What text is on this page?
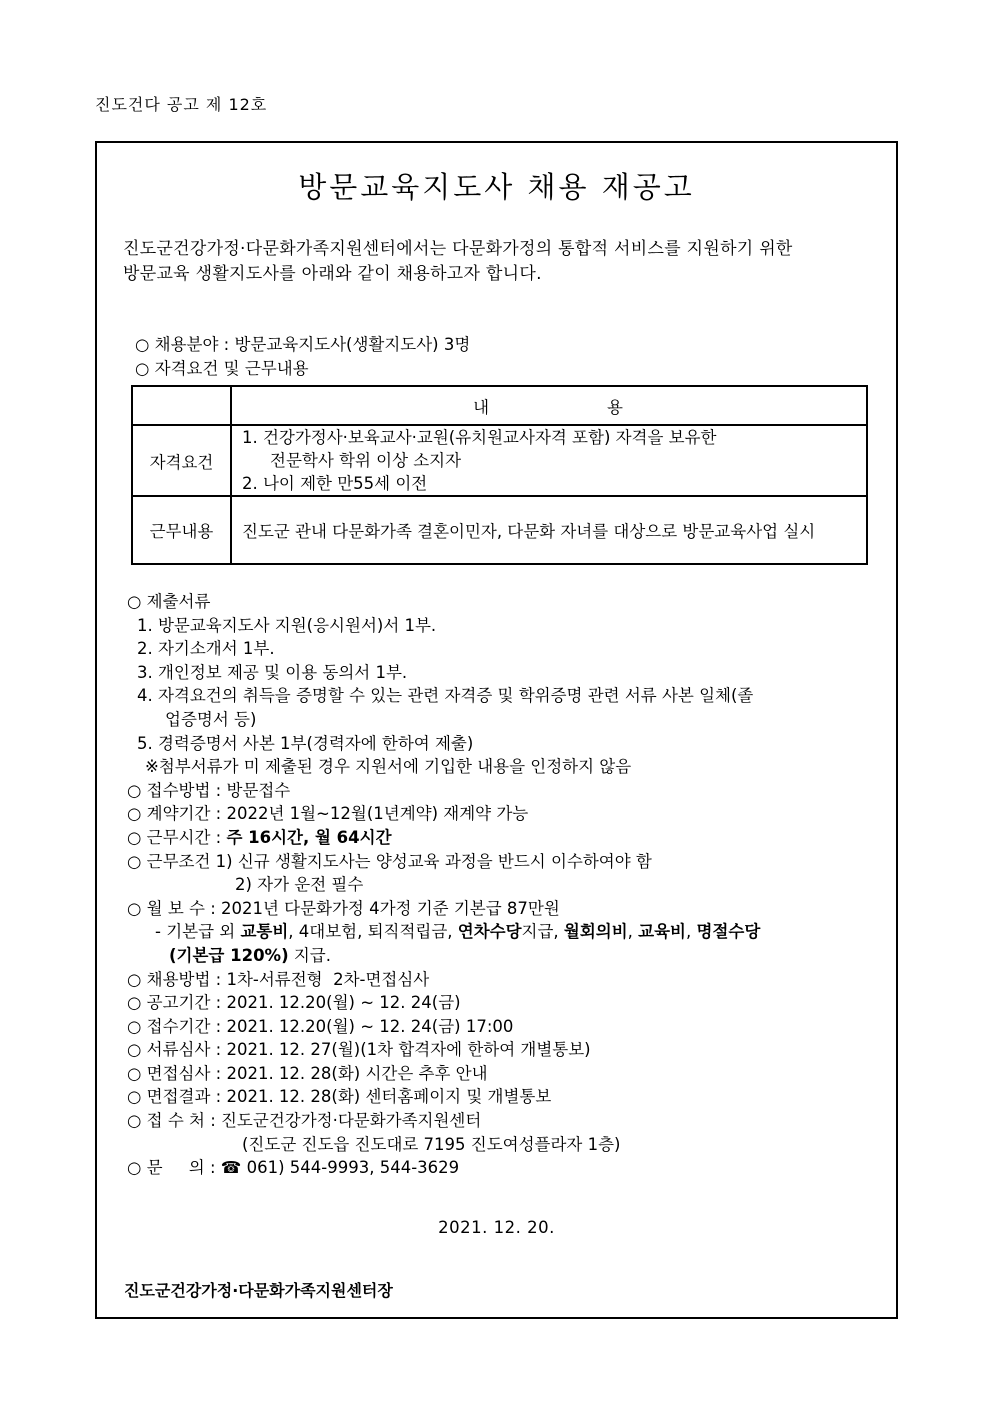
진도건다 공고 제 12호
방문교육지도사 채용 재공고
진도군건강가정·다문화가족지원센터에서는 다문화가정의 통합적 서비스를 지원하기 위한
방문교육 생활지도사를 아래와 같이 채용하고자 합니다.
○ 채용분야 : 방문교육지도사(생활지도사) 3명
○ 자격요건 및 근무내용
	내                용
자격요건	1. 건강가정사·보육교사·교원(유치원교사자격 포함) 자격을 보유한
전문학사 학위 이상 소지자
2. 나이 제한 만55세 이전

근무내용	진도군 관내 다문화가족 결혼이민자, 다문화 자녀를 대상으로 방문교육사업 실시
○ 제출서류
1. 방문교육지도사 지원(응시원서)서 1부.
2. 자기소개서 1부.
3. 개인정보 제공 및 이용 동의서 1부.
4. 자격요건의 취득을 증명할 수 있는 관련 자격증 및 학위증명 관련 서류 사본 일체(졸
업증명서 등)
5. 경력증명서 사본 1부(경력자에 한하여 제출)
※첨부서류가 미 제출된 경우 지원서에 기입한 내용을 인정하지 않음
○ 접수방법 : 방문접수
○ 계약기간 : 2022년 1월~12월(1년계약) 재계약 가능
○ 근무시간 : 주 16시간, 월 64시간
○ 근무조건 1) 신규 생활지도사는 양성교육 과정을 반드시 이수하여야 함
2) 자가 운전 필수
○ 월 보 수 : 2021년 다문화가정 4가정 기준 기본급 87만원
- 기본급 외 교통비, 4대보험, 퇴직적립금, 연차수당지급, 월회의비, 교육비, 명절수당
(기본급 120%) 지급.
○ 채용방법 : 1차-서류전형  2차-면접심사
○ 공고기간 : 2021. 12.20(월) ~ 12. 24(금)
○ 접수기간 : 2021. 12.20(월) ~ 12. 24(금) 17:00
○ 서류심사 : 2021. 12. 27(월)(1차 합격자에 한하여 개별통보)
○ 면접심사 : 2021. 12. 28(화) 시간은 추후 안내
○ 면접결과 : 2021. 12. 28(화) 센터홈페이지 및 개별통보
○ 접 수 처 : 진도군건강가정·다문화가족지원센터
(진도군 진도읍 진도대로 7195 진도여성플라자 1층)
○ 문     의 : ☎ 061) 544-9993, 544-3629
2021. 12. 20.
진도군건강가정·다문화가족지원센터장
